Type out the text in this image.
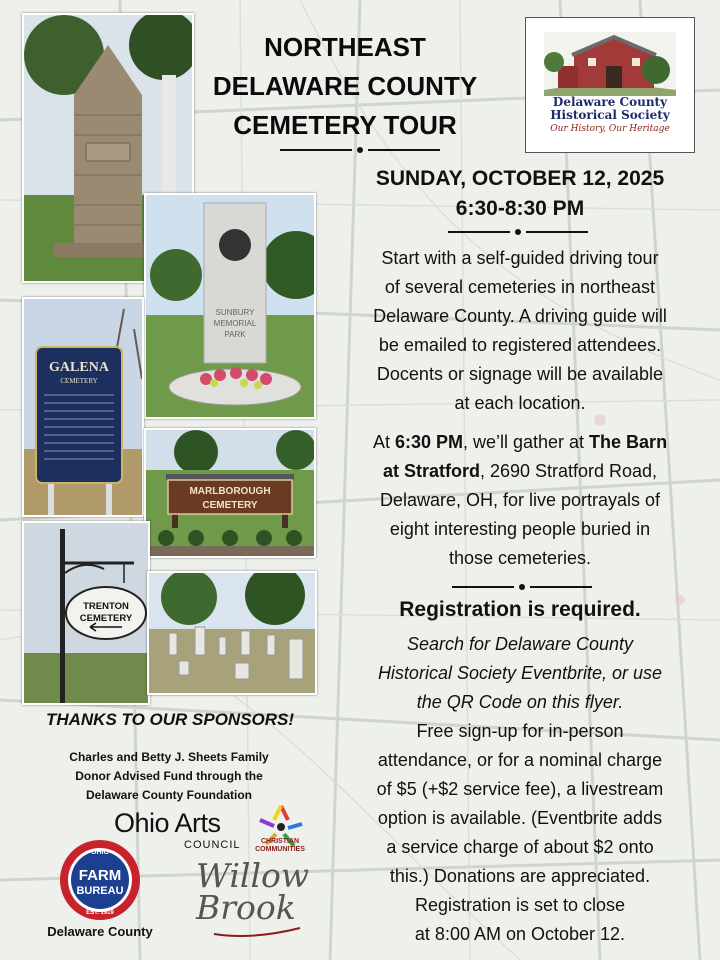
NORTHEAST
DELAWARE COUNTY
CEMETERY TOUR
Delaware County
Historical Society
Our History, Our Heritage
SUNDAY, OCTOBER 12, 2025
6:30-8:30 PM
Start with a self-guided driving tour
of several cemeteries in northeast
Delaware County. A driving guide will
be emailed to registered attendees.
Docents or signage will be available
at each location.
At 6:30 PM, we’ll gather at The Barn
at Stratford, 2690 Stratford Road,
Delaware, OH, for live portrayals of
eight interesting people buried in
those cemeteries.
Registration is required.
Search for Delaware County
Historical Society Eventbrite, or use
the QR Code on this flyer.
Free sign-up for in-person
attendance, or for a nominal charge
of $5 (+$2 service fee), a livestream
option is available. (Eventbrite adds
a service charge of about $2 onto
this.) Donations are appreciated.
Registration is set to close
at 8:00 AM on October 12.
SUNBURY
MEMORIAL
PARK
GALENA
CEMETERY
MARLBOROUGH
CEMETERY
TRENTON
CEMETERY
THANKS TO OUR SPONSORS!
Charles and Betty J. Sheets Family
Donor Advised Fund through the
Delaware County Foundation
Ohio Arts
COUNCIL
OHIO
FARM
BUREAU
EST. 1919
Delaware County
CHRISTIAN
COMMUNITIES
Willow
Brook
